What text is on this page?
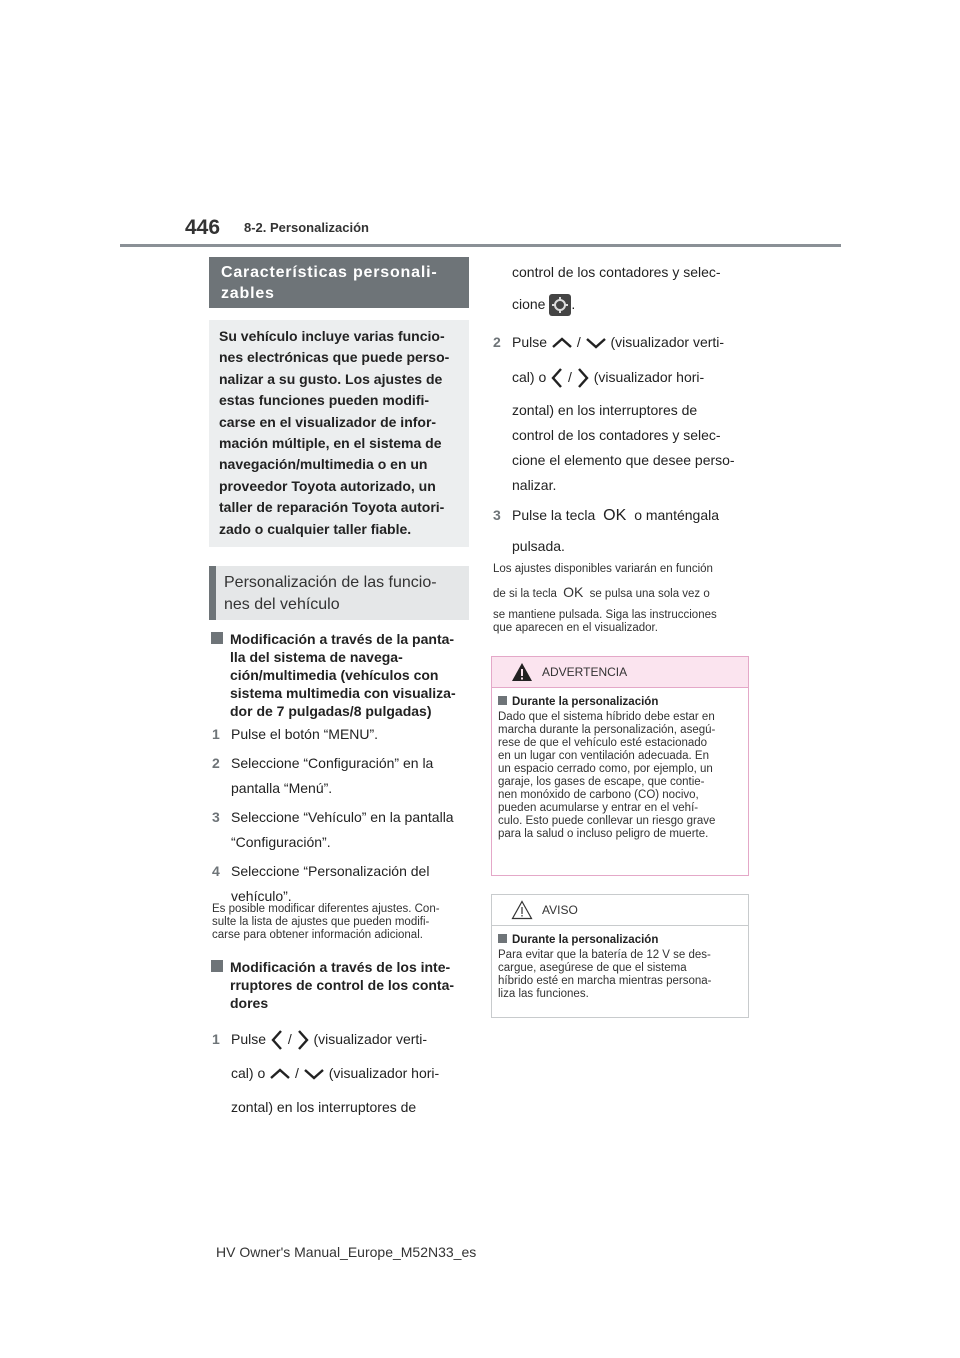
446 8-2. Personalización
Características personali-zables
Su vehículo incluye varias funcio-
nes electrónicas que puede perso-
nalizar a su gusto. Los ajustes de
estas funciones pueden modifi-
carse en el visualizador de infor-
mación múltiple, en el sistema de
navegación/multimedia o en un
proveedor Toyota autorizado, un
taller de reparación Toyota autori-
zado o cualquier taller fiable.
Personalización de las funcio-nes del vehículo
Modificación a través de la panta-
lla del sistema de navega-
ción/multimedia (vehículos con
sistema multimedia con visualiza-
dor de 7 pulgadas/8 pulgadas)
1 Pulse el botón “MENU”.
2 Seleccione “Configuración” en la
pantalla “Menú”.
3 Seleccione “Vehículo” en la pantalla
“Configuración”.
4 Seleccione “Personalización del
vehículo”.
Es posible modificar diferentes ajustes. Con-
sulte la lista de ajustes que pueden modifi-
carse para obtener información adicional.
Modificación a través de los inte-
rruptores de control de los conta-
dores
1 Pulse / (visualizador verti-
cal) o / (visualizador hori-
zontal) en los interruptores de
control de los contadores y selec-
cione .
2 Pulse / (visualizador verti-
cal) o / (visualizador hori-
zontal) en los interruptores de
control de los contadores y selec-
cione el elemento que desee perso-
nalizar.
3 Pulse la tecla OK o manténgala
pulsada.
Los ajustes disponibles variarán en función
de si la tecla OK se pulsa una sola vez o
se mantiene pulsada. Siga las instrucciones
que aparecen en el visualizador.
ADVERTENCIA
Durante la personalización
Dado que el sistema híbrido debe estar en
marcha durante la personalización, asegú-
rese de que el vehículo esté estacionado
en un lugar con ventilación adecuada. En
un espacio cerrado como, por ejemplo, un
garaje, los gases de escape, que contie-
nen monóxido de carbono (CO) nocivo,
pueden acumularse y entrar en el vehí-
culo. Esto puede conllevar un riesgo grave
para la salud o incluso peligro de muerte.
AVISO
Durante la personalización
Para evitar que la batería de 12 V se des-
cargue, asegúrese de que el sistema
híbrido esté en marcha mientras persona-
liza las funciones.
HV Owner's Manual_Europe_M52N33_es
